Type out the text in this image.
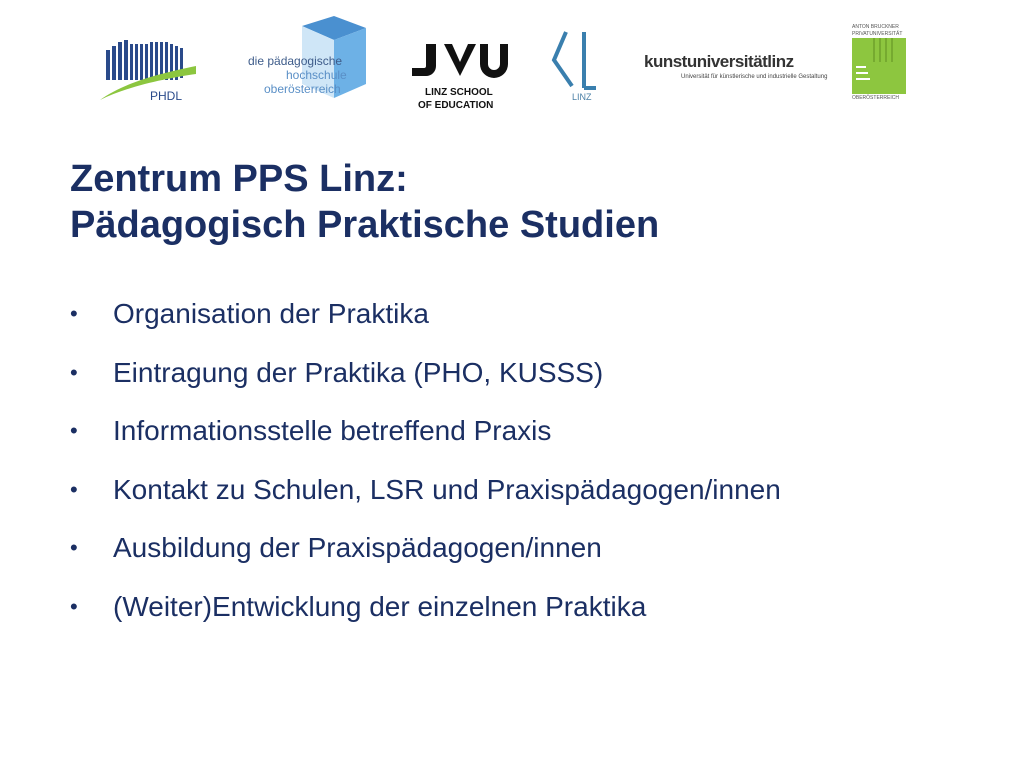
PHDL
die pädagogische
hochschule
oberösterreich	LINZ SCHOOL
OF EDUCATION
LINZ
kunstuniversitätlinz
Universität für künstlerische und industrielle Gestaltung
ANTON BRUCKNER
PRIVATUNIVERSITÄT
OBERÖSTERREICH
Zentrum PPS Linz:
Pädagogisch Praktische Studien
• Organisation der Praktika
• Eintragung der Praktika (PHO, KUSSS)
• Informationsstelle betreffend Praxis
• Kontakt zu Schulen, LSR und Praxispädagogen/innen
• Ausbildung der Praxispädagogen/innen
• (Weiter)Entwicklung der einzelnen Praktika
